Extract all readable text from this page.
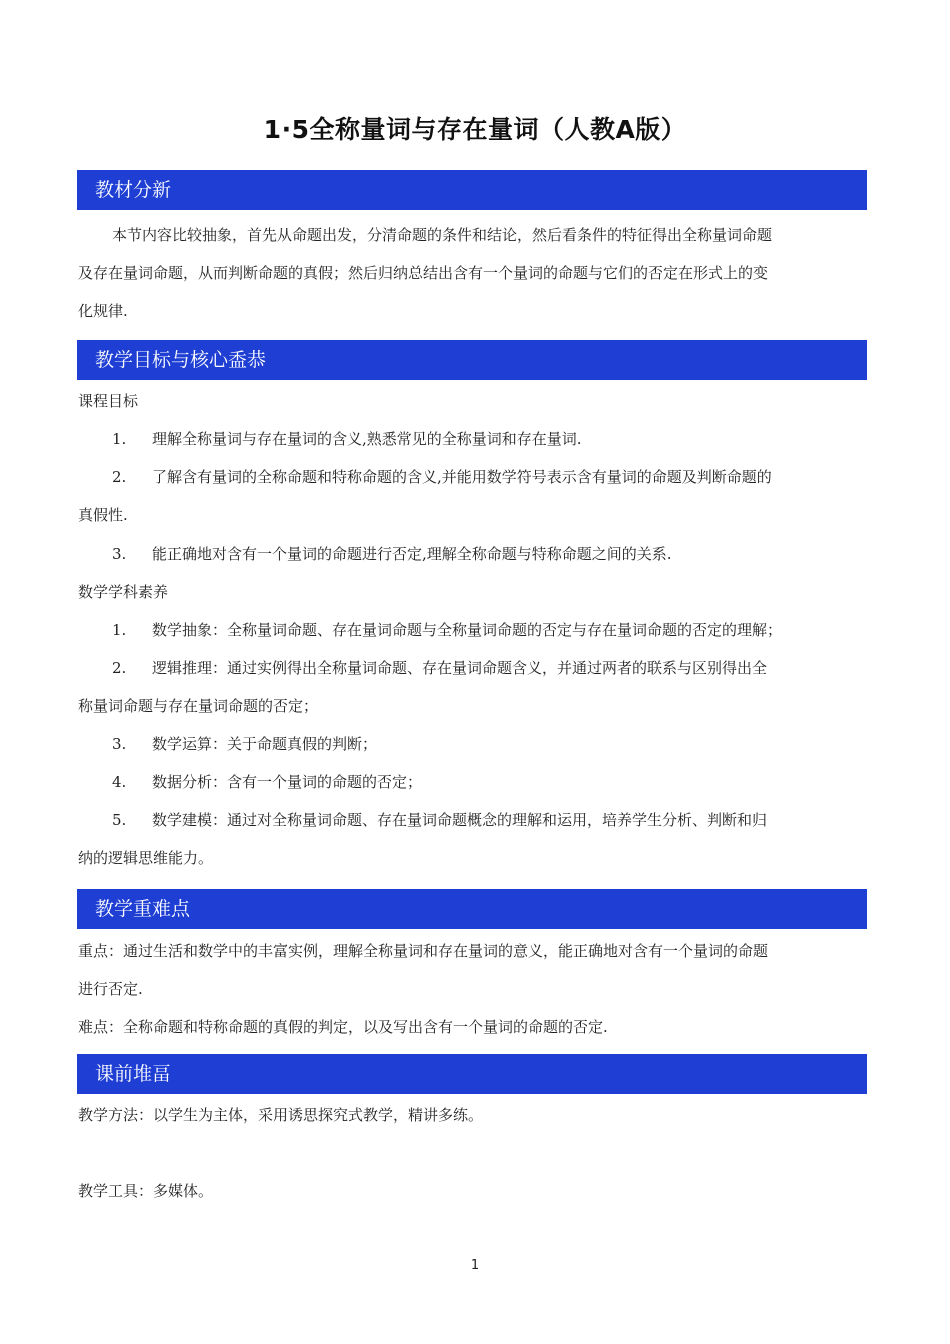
1·5全称量词与存在量词（人教A版）
教材分新
本节内容比较抽象，首先从命题出发，分清命题的条件和结论，然后看条件的特征得出全称量词命题
及存在量词命题，从而判断命题的真假；然后归纳总结出含有一个量词的命题与它们的否定在形式上的变
化规律.
教学目标与核心盉恭
课程目标
1. 理解全称量词与存在量词的含义,熟悉常见的全称量词和存在量词.
2. 了解含有量词的全称命题和特称命题的含义,并能用数学符号表示含有量词的命题及判断命题的
真假性.
3. 能正确地对含有一个量词的命题进行否定,理解全称命题与特称命题之间的关系.
数学学科素养
1. 数学抽象：全称量词命题、存在量词命题与全称量词命题的否定与存在量词命题的否定的理解；
2. 逻辑推理：通过实例得出全称量词命题、存在量词命题含义，并通过两者的联系与区别得出全
称量词命题与存在量词命题的否定；
3. 数学运算：关于命题真假的判断；
4. 数据分析：含有一个量词的命题的否定；
5. 数学建模：通过对全称量词命题、存在量词命题概念的理解和运用，培养学生分析、判断和归
纳的逻辑思维能力。
教学重难点
重点：通过生活和数学中的丰富实例，理解全称量词和存在量词的意义，能正确地对含有一个量词的命题
进行否定.
难点：全称命题和特称命题的真假的判定，以及写出含有一个量词的命题的否定.
课前堆畐
教学方法：以学生为主体，采用诱思探究式教学，精讲多练。
教学工具：多媒体。
1
